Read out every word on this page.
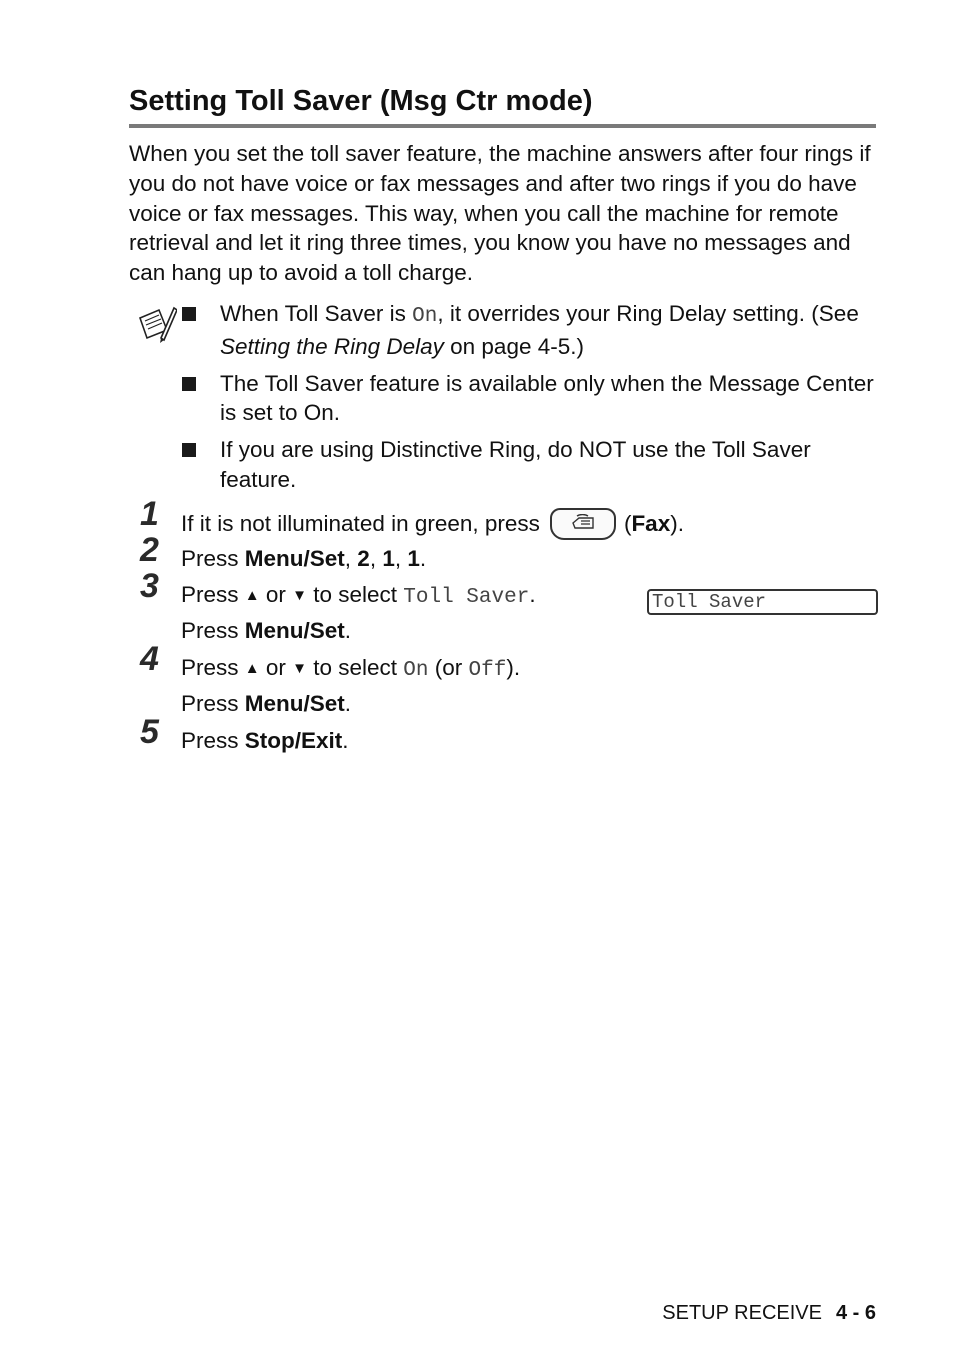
Setting Toll Saver (Msg Ctr mode)

When you set the toll saver feature, the machine answers after four rings if you do not have voice or fax messages and after two rings if you do have voice or fax messages. This way, when you call the machine for remote retrieval and let it ring three times, you know you have no messages and can hang up to avoid a toll charge.

When Toll Saver is On, it overrides your Ring Delay setting. (See Setting the Ring Delay on page 4-5.)
The Toll Saver feature is available only when the Message Center is set to On.
If you are using Distinctive Ring, do NOT use the Toll Saver feature.
1 If it is not illuminated in green, press	(Fax).
2 Press Menu/Set, 2, 1, 1.
3 Press ▲ or ▼ to select Toll Saver.
Press Menu/Set.
4 Press ▲ or ▼ to select On (or Off).
Press Menu/Set.
5 Press Stop/Exit.
Toll Saver
SETUP RECEIVE 4 - 6
